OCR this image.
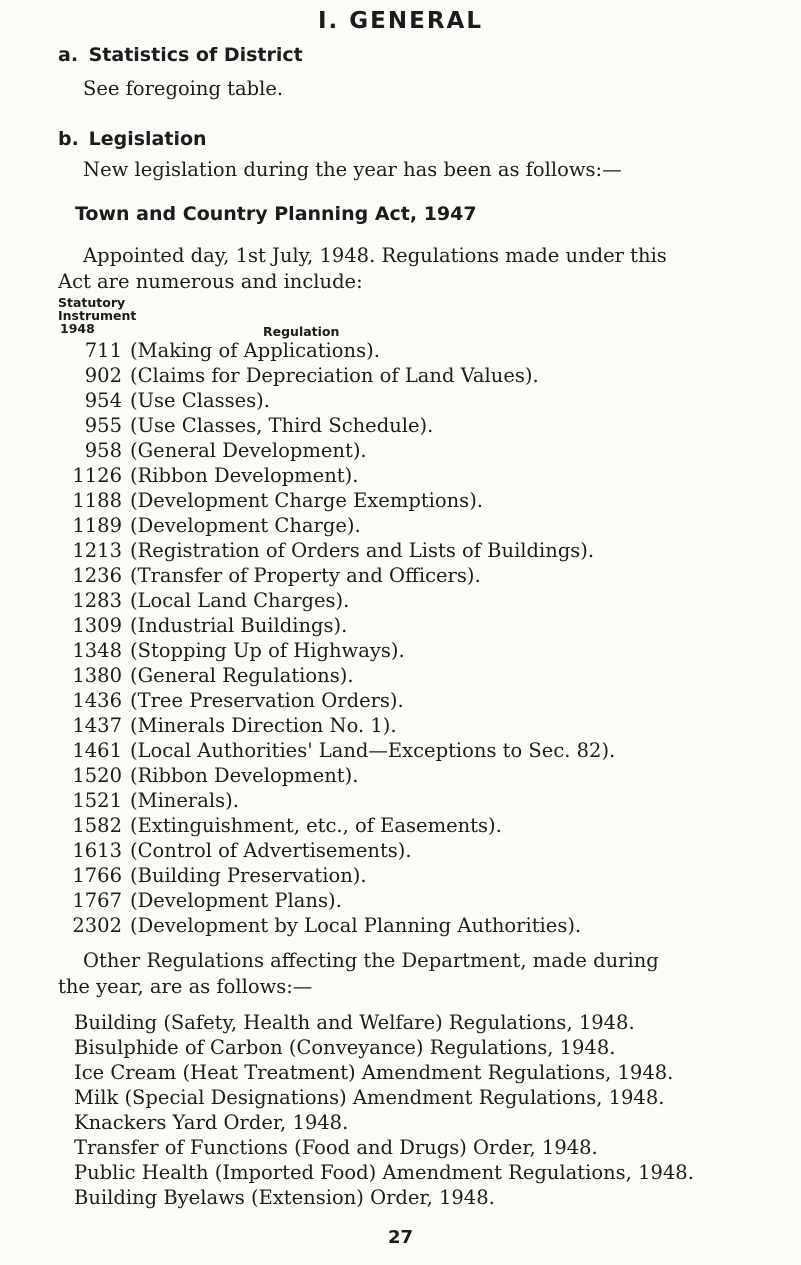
I. GENERAL
a. Statistics of District
See foregoing table.
b. Legislation
New legislation during the year has been as follows:—
Town and Country Planning Act, 1947
Appointed day, 1st July, 1948. Regulations made under this
Act are numerous and include:
Statutory
Instrument
1948	Regulation
711 (Making of Applications).
902 (Claims for Depreciation of Land Values).
954 (Use Classes).
955 (Use Classes, Third Schedule).
958 (General Development).
1126 (Ribbon Development).
1188 (Development Charge Exemptions).
1189 (Development Charge).
1213 (Registration of Orders and Lists of Buildings).
1236 (Transfer of Property and Officers).
1283 (Local Land Charges).
1309 (Industrial Buildings).
1348 (Stopping Up of Highways).
1380 (General Regulations).
1436 (Tree Preservation Orders).
1437 (Minerals Direction No. 1).
1461 (Local Authorities' Land—Exceptions to Sec. 82).
1520 (Ribbon Development).
1521 (Minerals).
1582 (Extinguishment, etc., of Easements).
1613 (Control of Advertisements).
1766 (Building Preservation).
1767 (Development Plans).
2302 (Development by Local Planning Authorities).
Other Regulations affecting the Department, made during
the year, are as follows:—
Building (Safety, Health and Welfare) Regulations, 1948.
Bisulphide of Carbon (Conveyance) Regulations, 1948.
Ice Cream (Heat Treatment) Amendment Regulations, 1948.
Milk (Special Designations) Amendment Regulations, 1948.
Knackers Yard Order, 1948.
Transfer of Functions (Food and Drugs) Order, 1948.
Public Health (Imported Food) Amendment Regulations, 1948.
Building Byelaws (Extension) Order, 1948.
27
